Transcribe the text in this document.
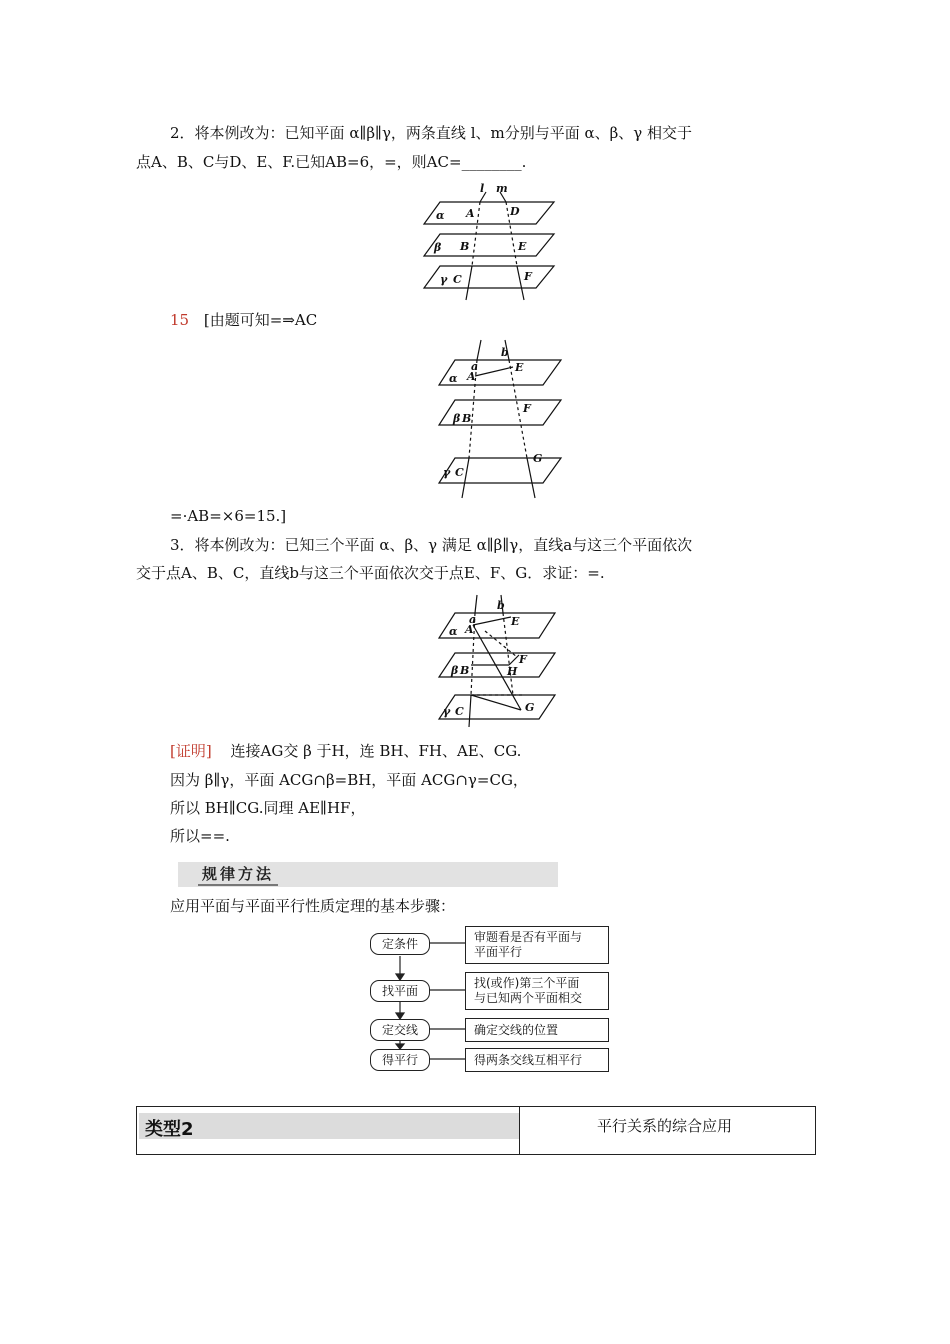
2．将本例改为：已知平面 α∥β∥γ，两条直线 l、m分别与平面 α、β、γ 相交于
点A、B、C与D、E、F.已知AB=6，=，则AC=________.
l m
α A	D
β B	E
γ C	F
15 [由题可知=⇒AC
a
b
α A
E
β B
F
γ C
G
=·AB=×6=15.]
3．将本例改为：已知三个平面 α、β、γ 满足 α∥β∥γ，直线a与这三个平面依次
交于点A、B、C，直线b与这三个平面依次交于点E、F、G．求证：=.
a
b
α A
E
β B
F
H
γ C	G
[证明] 连接AG交 β 于H，连 BH、FH、AE、CG.
因为 β∥γ，平面 ACG∩β=BH，平面 ACG∩γ=CG，
所以 BH∥CG.同理 AE∥HF，
所以==.
规律方法
应用平面与平面平行性质定理的基本步骤：
定条件	审题看是否有平面与
平面平行
找平面
找(或作)第三个平面
与已知两个平面相交
定交线	确定交线的位置
得平行	得两条交线互相平行
类型2	平行关系的综合应用
